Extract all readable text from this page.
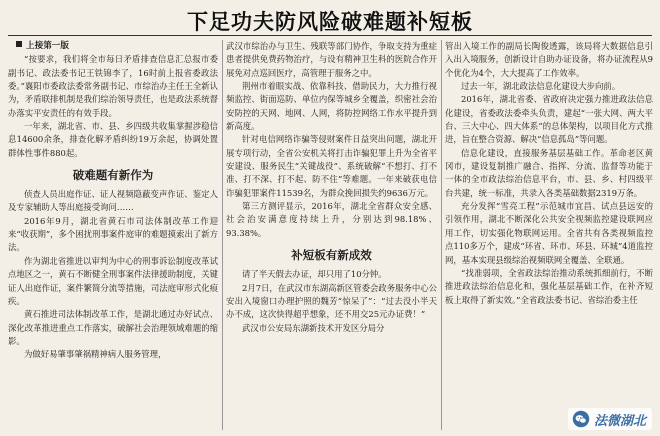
下足功夫防风险破难题补短板

上接第一版

“按要求，我们将全市每日矛盾排查信息汇总报市委副书记、政法委书记王铁锦李了，16时前上报省委政法委。”襄阳市委政法委常务副书记、市综治办主任王全新认为，矛盾联排机制是我们综治领导责任，也是政法系统督办落实平安责任的有效手段。

一年来，湖北省、市、县、乡四级共收集掌握涉稳信息14600余条，排查化解矛盾纠纷19万余起，协调处置群体性事件880起。

破难题有新作为

侦查人员出庭作证、证人视频隐蔽变声作证、鉴定人及专家辅助人等出庭接受询问……

2016年9月，湖北省黄石市司法体制改革工作迎来“收获期”，多个困扰刑事案件庭审的难题摸索出了新方法。

作为湖北省推进以审判为中心的刑事诉讼制度改革试点地区之一，黄石不断健全刑事案件法律援助制度，关键证人出庭作证，案件繁简分流等措施，司法庭审形式化痕疾。

黄石推进司法体制改革工作，是湖北通过办好试点、深化改革推进重点工作落实，破解社会治理领域难题的缩影。

为做好易肇事肇祸精神病人服务管理，

武汉市综治办与卫生、残联等部门协作，争取支持为重症患者提供免费药物治疗，与设有精神卫生科的医院合作开展免对点巡回医疗，高管理于服务之中。

荆州市着眼实战、依靠科技、借助民力，大力推行视频监控、街面巡防、单位内保等城乡全覆盖，织密社会治安防控的天网、地网、人网，将防控网络工作水平提升到新高度。

针对电信网络诈骗等侵财案件日益突出问题，湖北开展专项行动，全省公安机关将打击诈骗犯罪上升为全省平安建设、服务民生“关键战役”、系统破解“不想打、打不准、打不深、打不起、防不住”等难题。一年来破获电信诈骗犯罪案件11539名，为群众挽回损失约9636万元。

第三方测评显示，2016年，湖北全省群众安全感、社会治安满意度持续上升，分别达到98.18%、93.38%。

补短板有新成效

请了半天假去办证，却只用了10分钟。

2月7日，在武汉市东湖高新区管委会政务服务中心公安出入境窗口办理护照的魏芳“惊呆了”：“过去没小半天办不成，这次快得超乎想象，还不用交25元办证费！”

武汉市公安局东湖新技术开发区分局分

管出入境工作的副局长陶俊透露，该局将大数据信息引入出入境服务，创新设计自助办证设备，将办证流程从9个优化为4个，大大提高了工作效率。

过去一年，湖北政法信息化建设大步向前。

2016年，湖北省委、省政府决定强力推进政法信息化建设，省委政法委牵头负责，建起“一张大网、两大平台、三大中心、四大体系”的总体架构，以项目化方式推进，旨在整合资源、解决“信息孤岛”等问题。

信息化建设，直接服务基层基础工作。革命老区黄冈市，建设复制推广融合、指挥、分流、监督等功能于一体的全市政法综治信息平台，市、县、乡、村四级平台共建，统一标准，共录入各类基础数据2319万条。

充分发挥“雪亮工程”示范城市宜昌、试点县远安的引领作用，湖北不断深化公共安全视频监控建设联网应用工作，切实强化物联网运用。全省共有各类视频监控点110多万个，建成“环省、环市、环县、环城”4道监控网，基本实现县级综治视频联网全覆盖、全联通。

“找准弱项，全省政法综治推动系统抓细前行，不断推进政法综治信息化和，强化基层基础工作，在补齐短板上取得了新实效。”全省政法委书记、省综治委主任

法微湖北
